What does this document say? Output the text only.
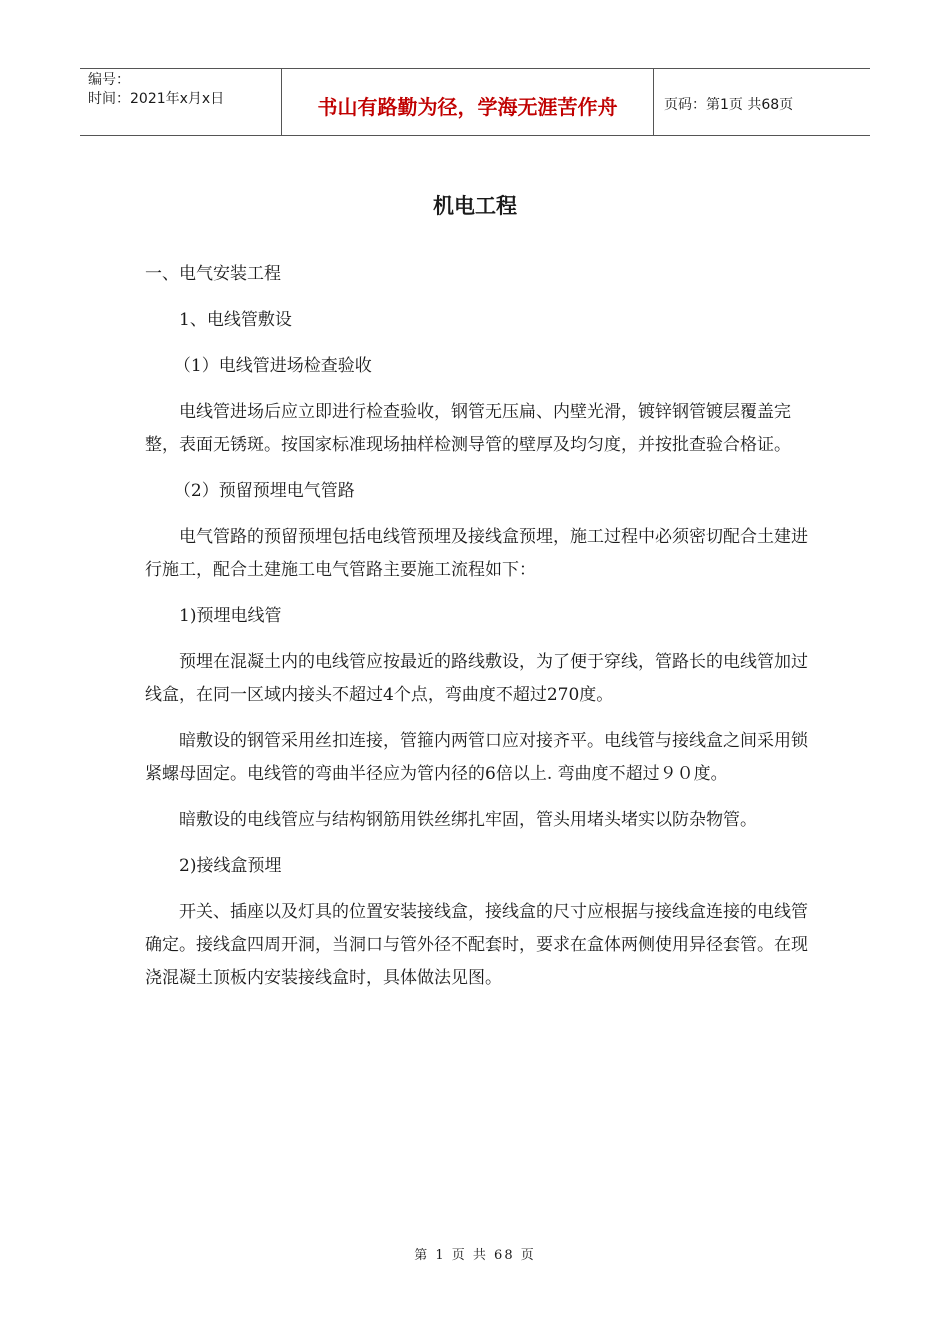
编号：
时间：2021年x月x日	书山有路勤为径，学海无涯苦作舟	页码：第1页 共68页
机电工程

一、电气安装工程

1、电线管敷设

（1）电线管进场检查验收

电线管进场后应立即进行检查验收，钢管无压扁、内壁光滑，镀锌钢管镀层覆盖完整，表面无锈斑。按国家标准现场抽样检测导管的壁厚及均匀度，并按批查验合格证。

（2）预留预埋电气管路

电气管路的预留预埋包括电线管预埋及接线盒预埋，施工过程中必须密切配合土建进行施工，配合土建施工电气管路主要施工流程如下：

1)预埋电线管

预埋在混凝土内的电线管应按最近的路线敷设，为了便于穿线，管路长的电线管加过线盒，在同一区域内接头不超过4个点，弯曲度不超过270度。

暗敷设的钢管采用丝扣连接，管箍内两管口应对接齐平。电线管与接线盒之间采用锁紧螺母固定。电线管的弯曲半径应为管内径的6倍以上. 弯曲度不超过９０度。

暗敷设的电线管应与结构钢筋用铁丝绑扎牢固，管头用堵头堵实以防杂物管。

2)接线盒预埋

开关、插座以及灯具的位置安装接线盒，接线盒的尺寸应根据与接线盒连接的电线管确定。接线盒四周开洞，当洞口与管外径不配套时，要求在盒体两侧使用异径套管。在现浇混凝土顶板内安装接线盒时，具体做法见图。

第 1 页 共 68 页
